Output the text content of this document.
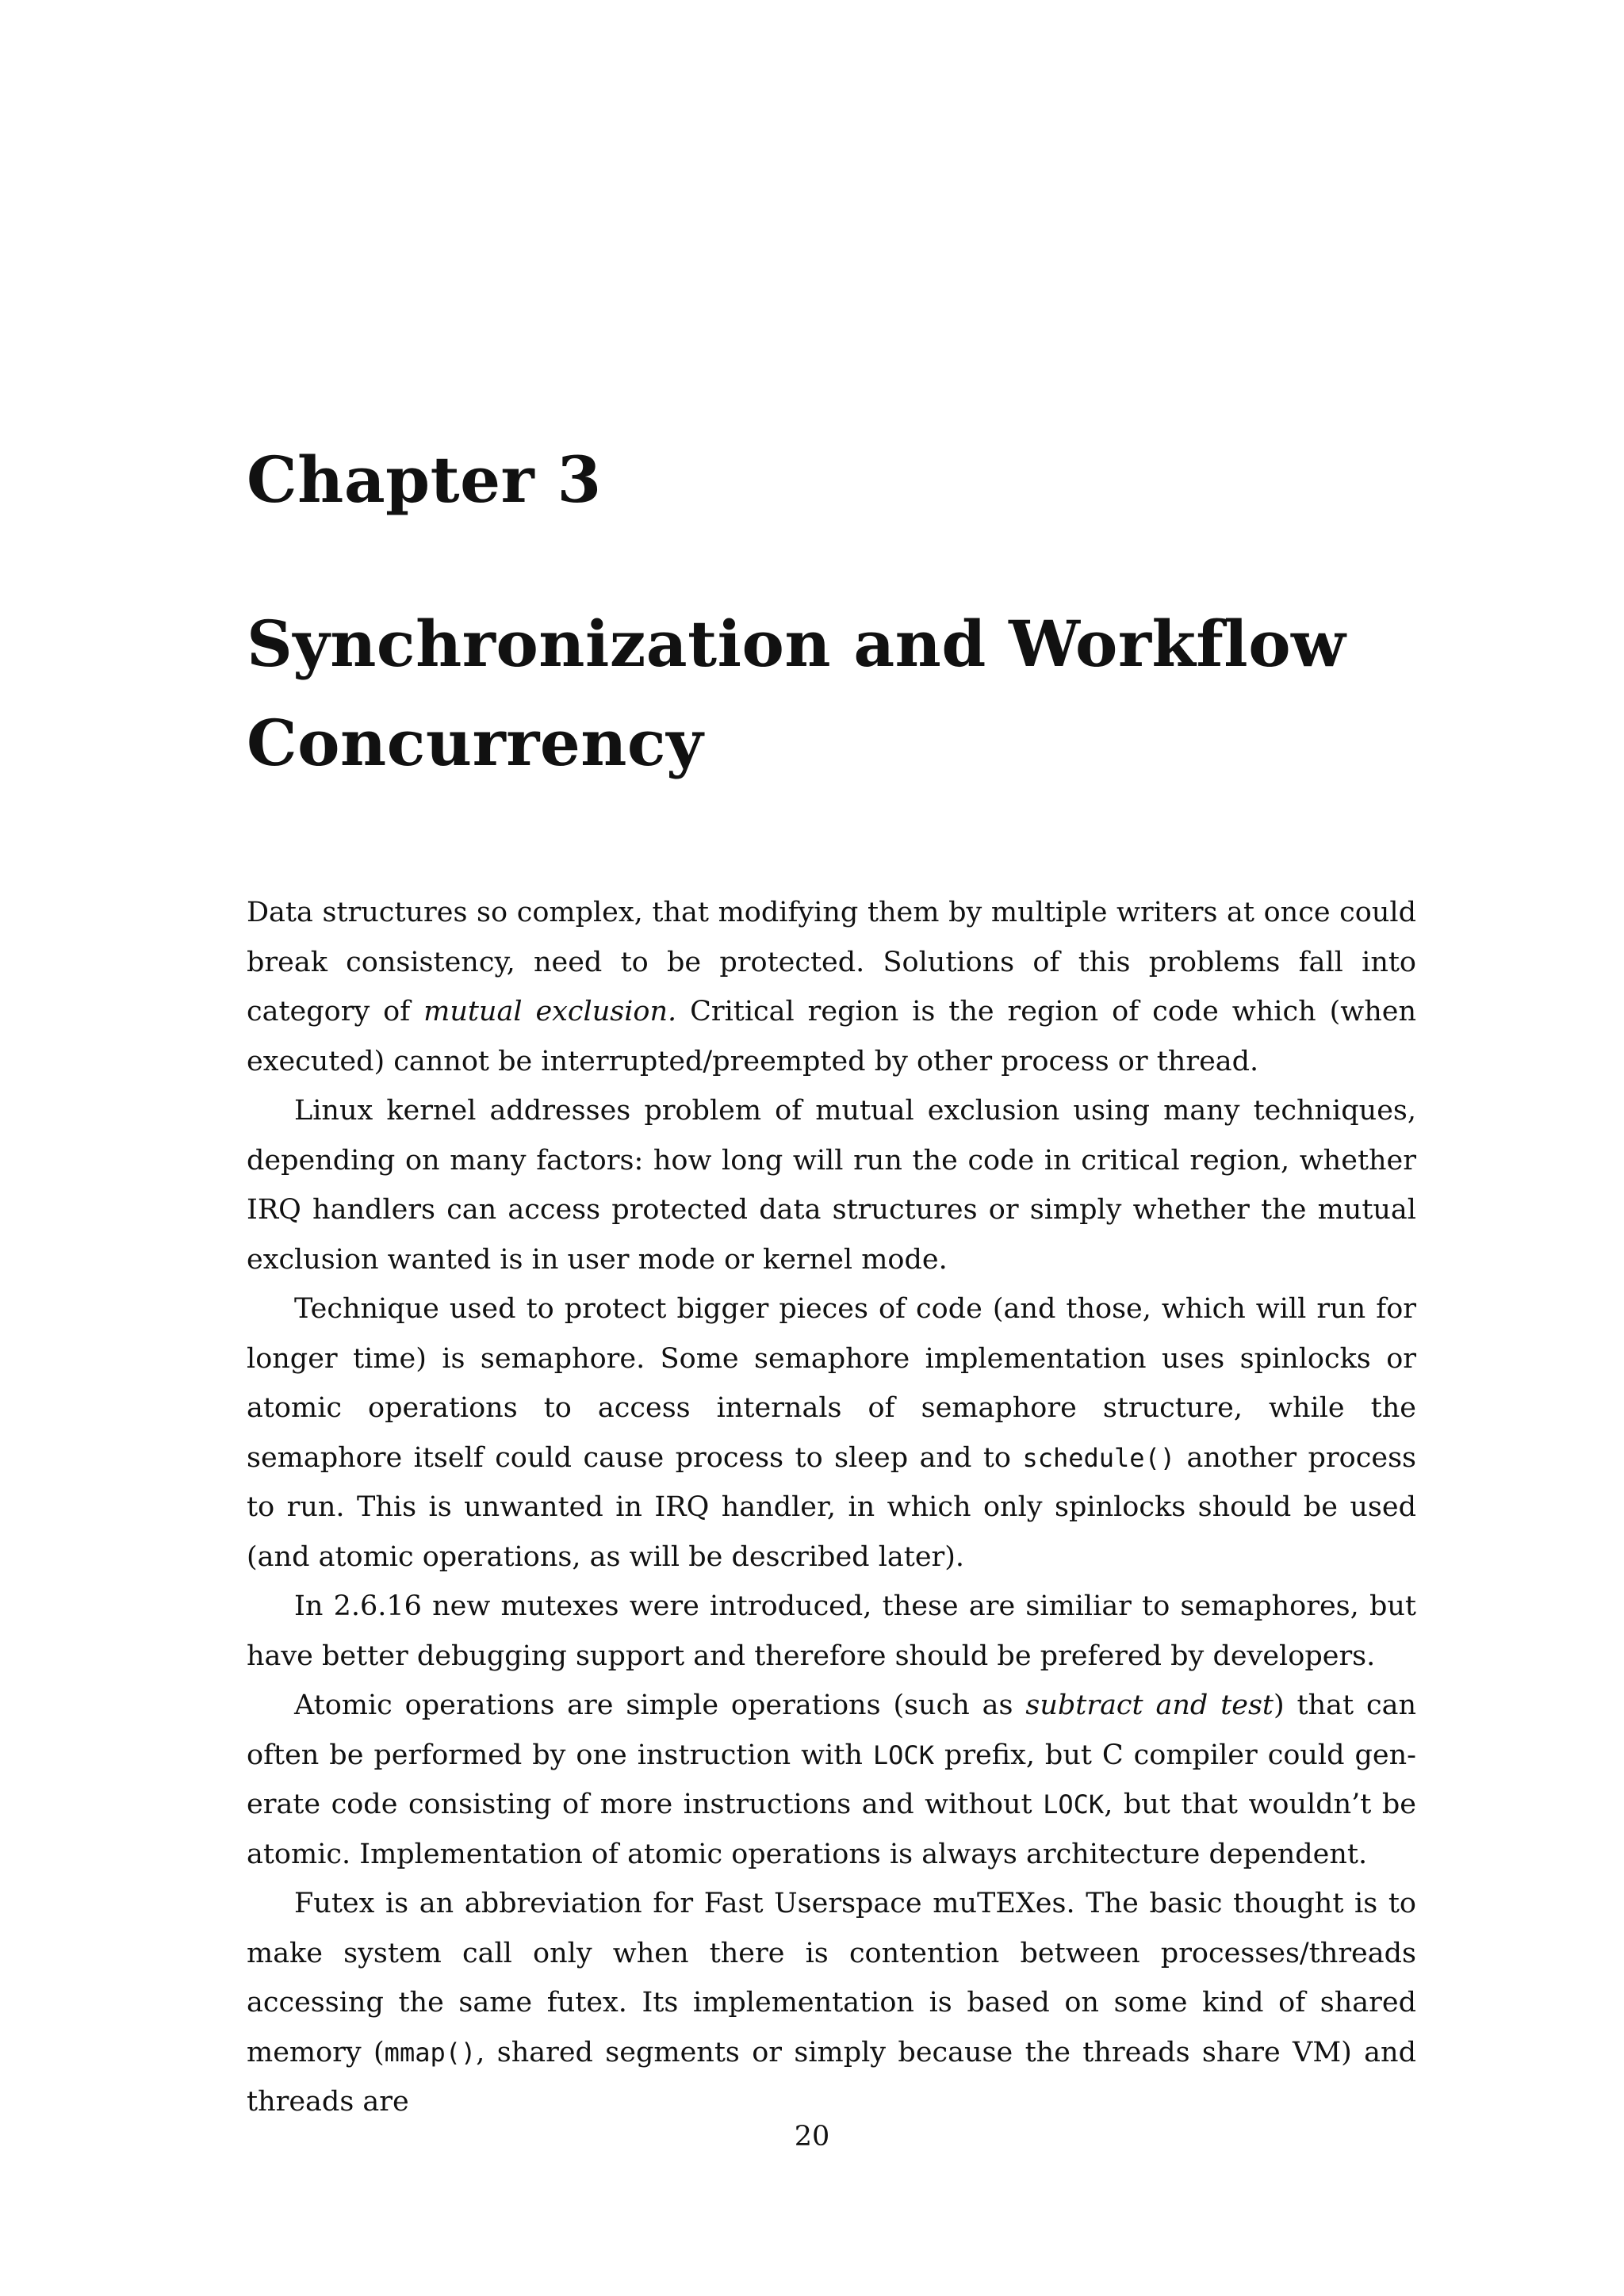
Chapter 3
Synchronization and Workflow
Concurrency

Data structures so complex, that modifying them by multiple writers at once could break consistency, need to be protected. Solutions of this problems fall into category of mutual exclusion. Critical region is the region of code which (when executed) cannot be interrupted/preempted by other process or thread.

Linux kernel addresses problem of mutual exclusion using many techniques, depending on many factors: how long will run the code in critical region, whether IRQ handlers can access protected data structures or simply whether the mutual exclusion wanted is in user mode or kernel mode.

Technique used to protect bigger pieces of code (and those, which will run for longer time) is semaphore. Some semaphore implementation uses spinlocks or atomic operations to access internals of semaphore structure, while the semaphore itself could cause process to sleep and to schedule() another process to run. This is unwanted in IRQ handler, in which only spinlocks should be used (and atomic operations, as will be described later).

In 2.6.16 new mutexes were introduced, these are similiar to semaphores, but have better debugging support and therefore should be prefered by developers.

Atomic operations are simple operations (such as subtract and test) that can often be performed by one instruction with LOCK prefix, but C compiler could generate code consisting of more instructions and without LOCK, but that wouldn’t be atomic. Implementation of atomic operations is always architecture dependent.

Futex is an abbreviation for Fast Userspace muTEXes. The basic thought is to make system call only when there is contention between processes/threads accessing the same futex. Its implementation is based on some kind of shared memory (mmap(), shared segments or simply because the threads share VM) and threads are

20
